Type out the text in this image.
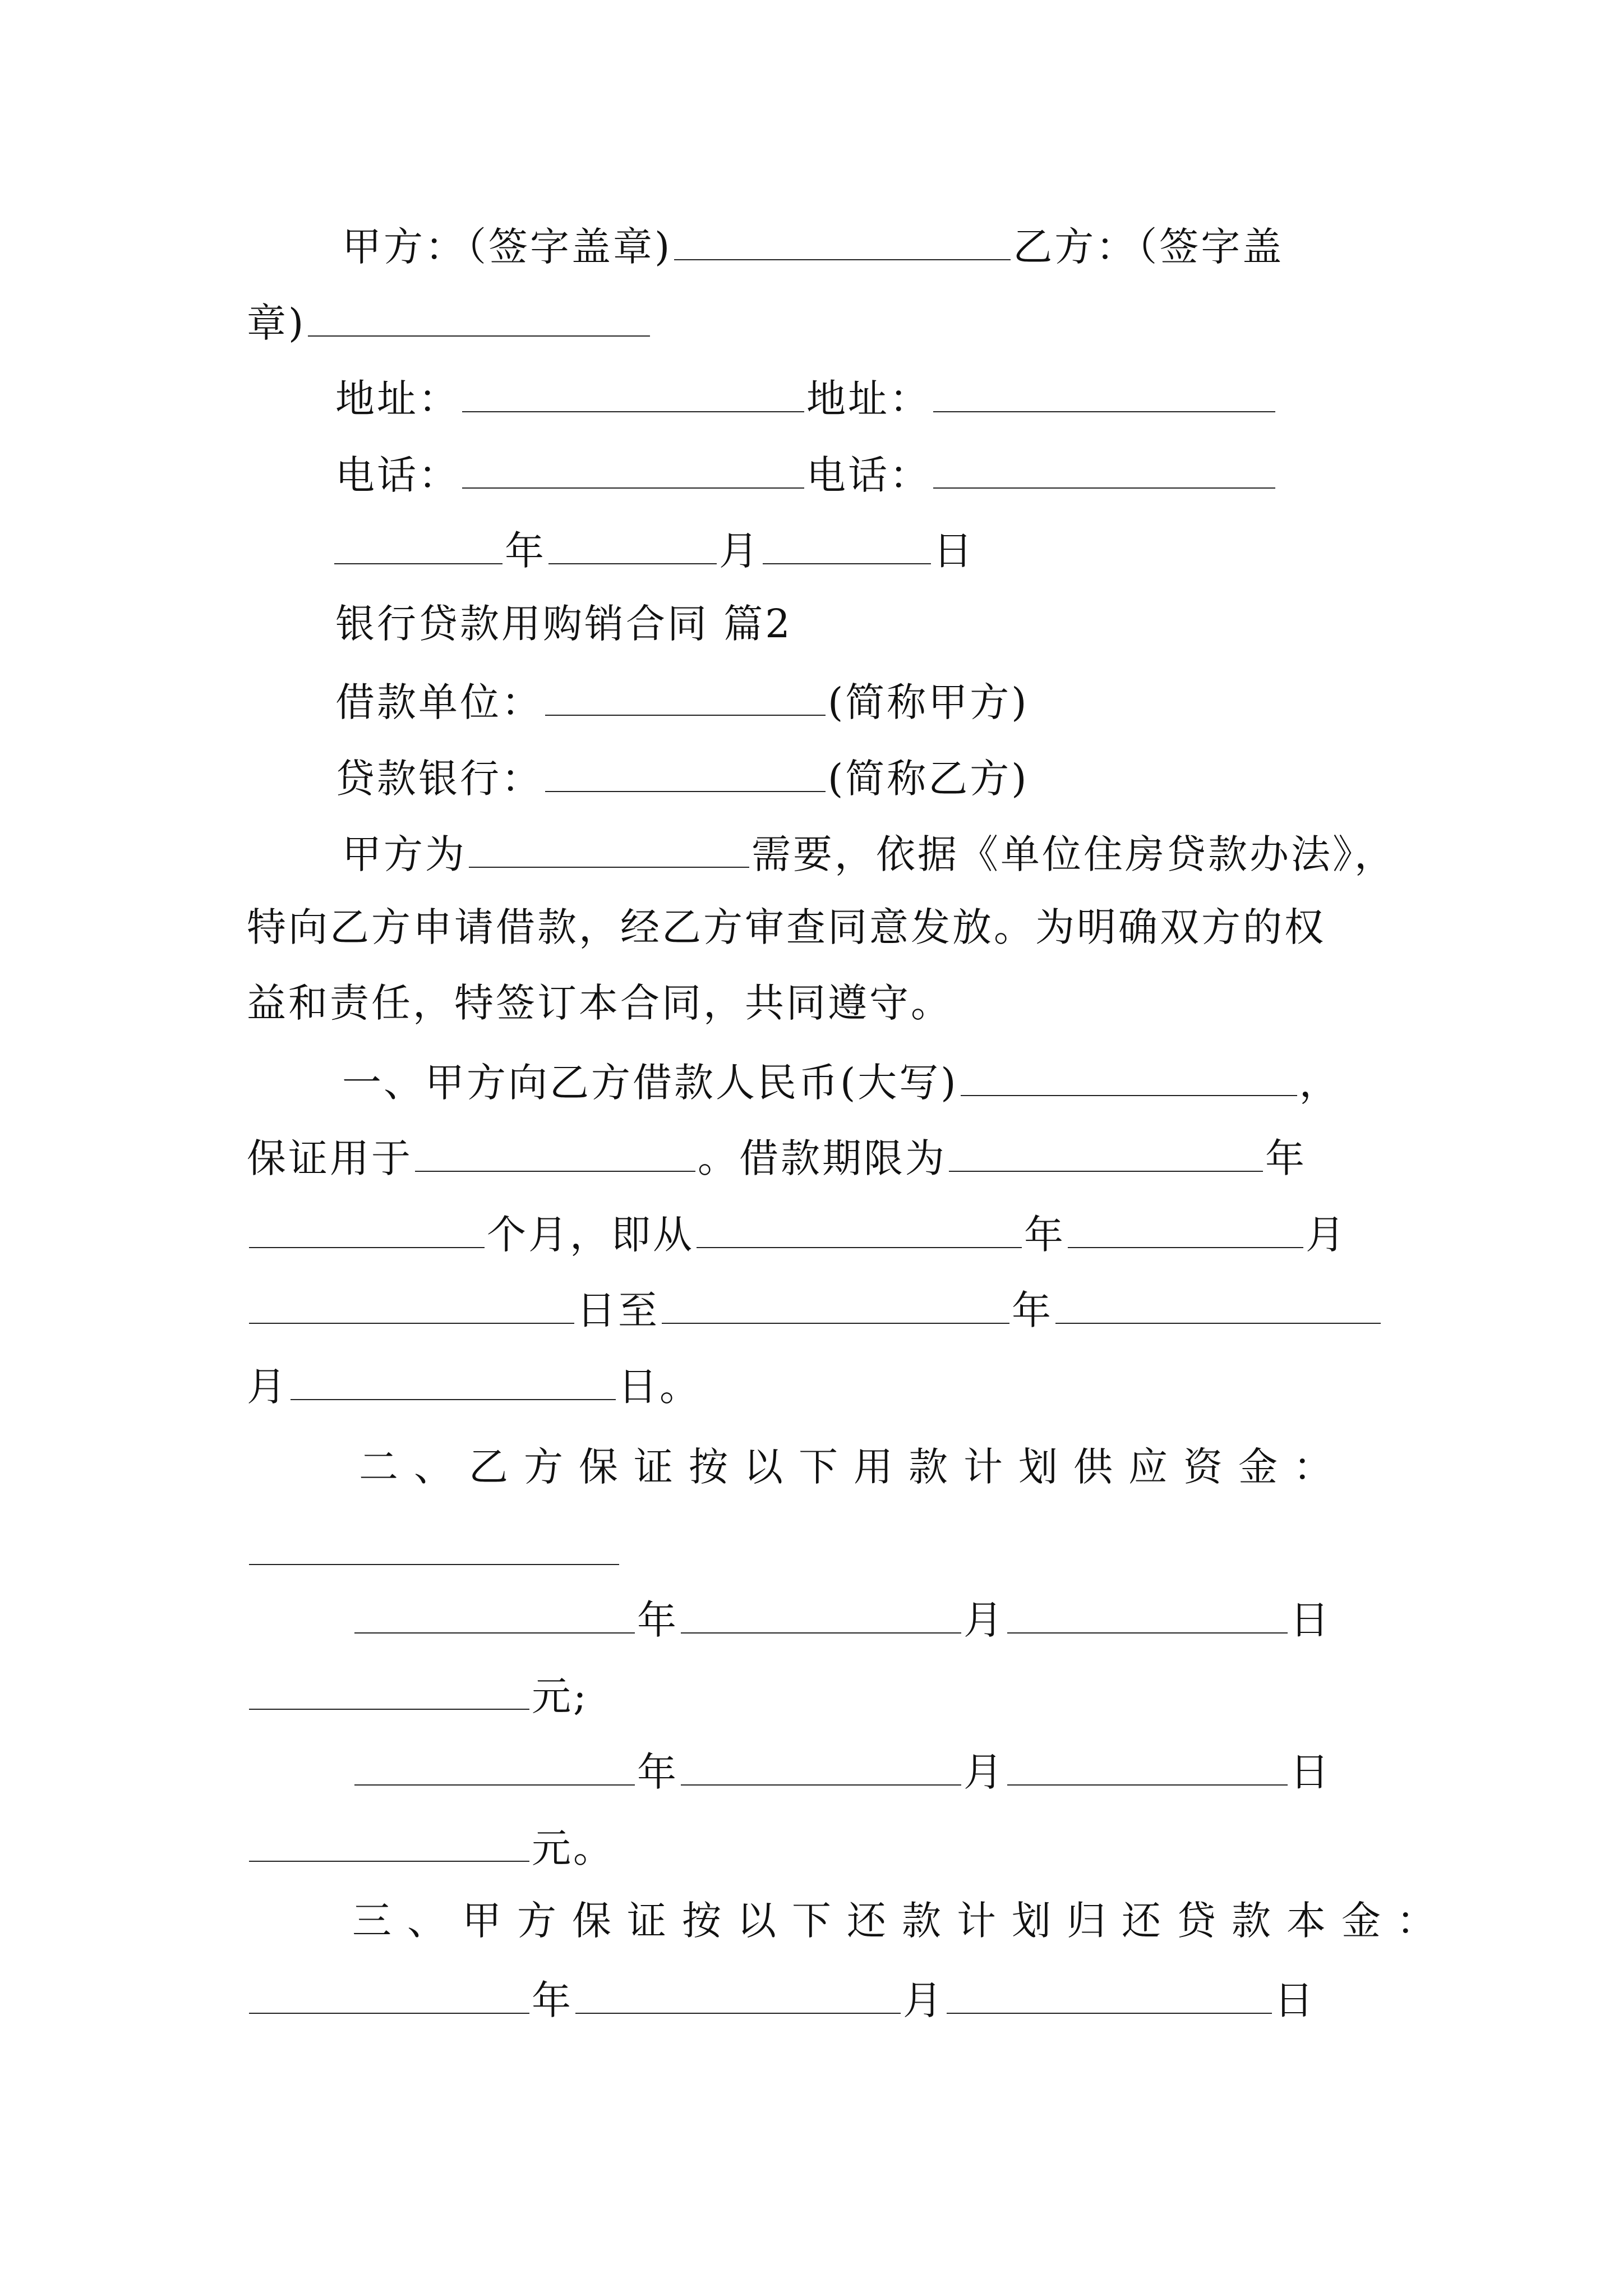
甲方：（签字盖章)	乙方：（签字盖
章)
地址：	地址：
电话：	电话：
年	月	日
银行贷款用购销合同 篇2
借款单位：	(简称甲方)
贷款银行：	(简称乙方)
甲方为	需要，依据《单位住房贷款办法》，
特向乙方申请借款，经乙方审查同意发放。为明确双方的权
益和责任，特签订本合同，共同遵守。
一、甲方向乙方借款人民币(大写)	，
保证用于	。借款期限为	年
个月，即从	年	月
日至	年
月	日。
二、乙方保证按以下用款计划供应资金：
年	月	日
元;
年	月	日
元。
三、甲方保证按以下还款计划归还贷款本金：
年	月	日
